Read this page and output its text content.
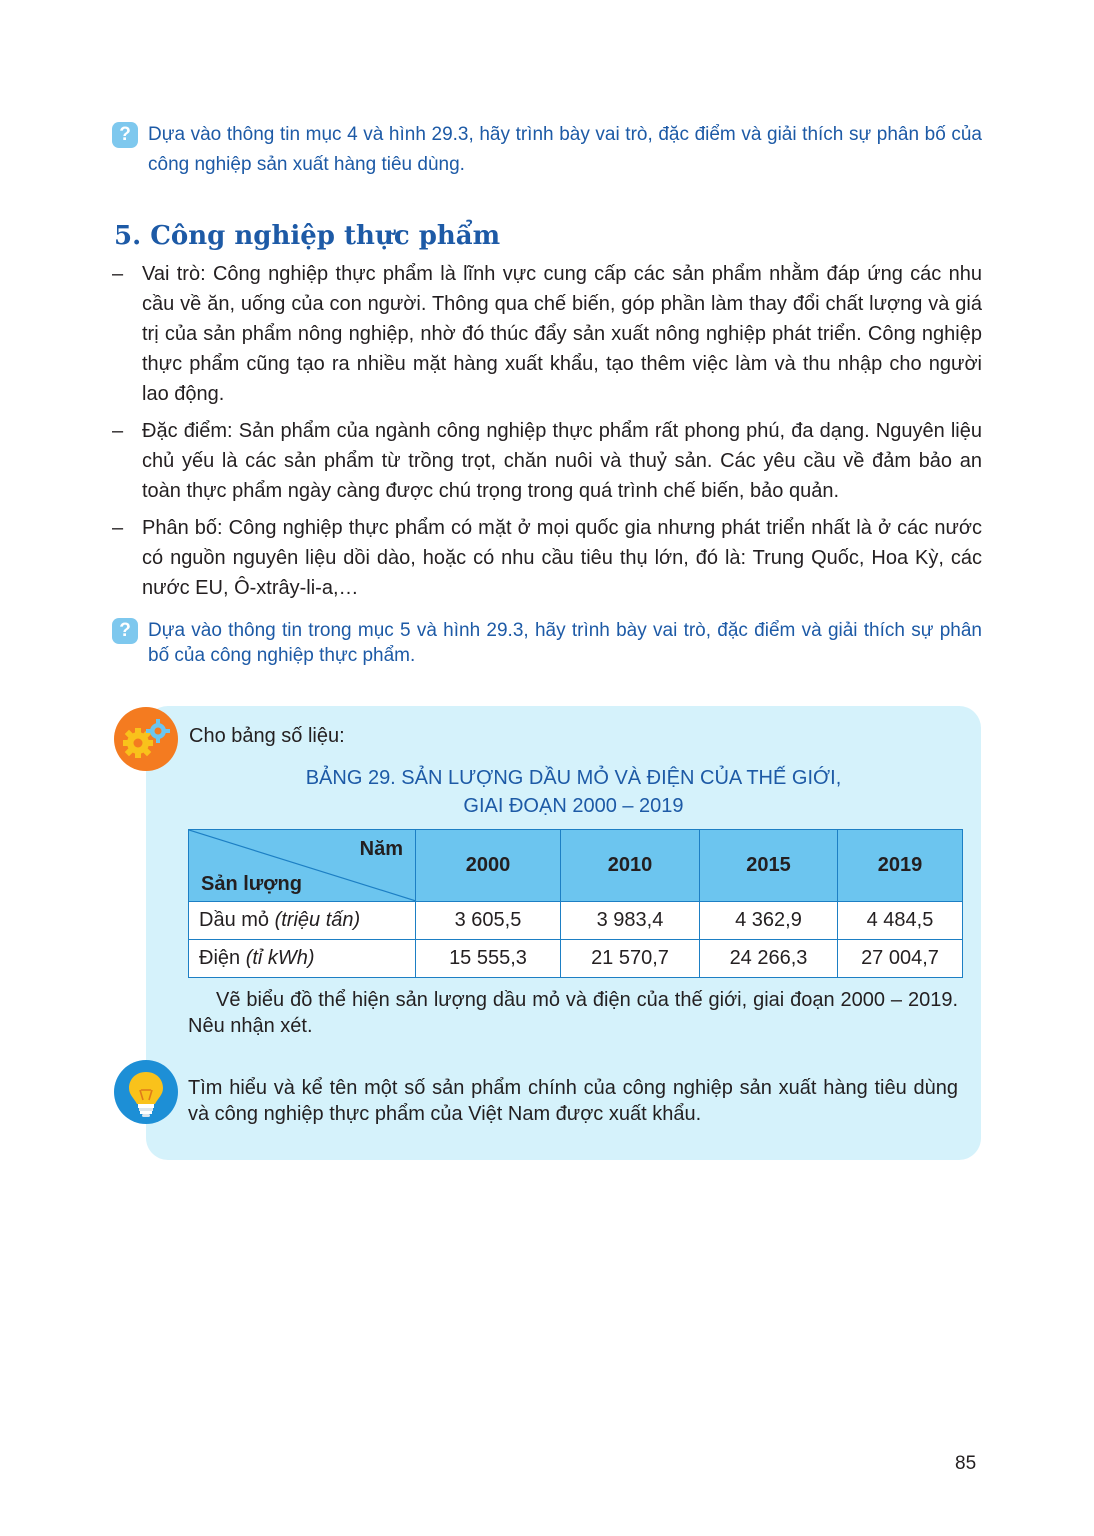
? Dựa vào thông tin mục 4 và hình 29.3, hãy trình bày vai trò, đặc điểm và giải thích sự phân bố của công nghiệp sản xuất hàng tiêu dùng.
5. Công nghiệp thực phẩm
– Vai trò: Công nghiệp thực phẩm là lĩnh vực cung cấp các sản phẩm nhằm đáp ứng các nhu cầu về ăn, uống của con người. Thông qua chế biến, góp phần làm thay đổi chất lượng và giá trị của sản phẩm nông nghiệp, nhờ đó thúc đẩy sản xuất nông nghiệp phát triển. Công nghiệp thực phẩm cũng tạo ra nhiều mặt hàng xuất khẩu, tạo thêm việc làm và thu nhập cho người lao động.
– Đặc điểm: Sản phẩm của ngành công nghiệp thực phẩm rất phong phú, đa dạng. Nguyên liệu chủ yếu là các sản phẩm từ trồng trọt, chăn nuôi và thuỷ sản. Các yêu cầu về đảm bảo an toàn thực phẩm ngày càng được chú trọng trong quá trình chế biến, bảo quản.
– Phân bố: Công nghiệp thực phẩm có mặt ở mọi quốc gia nhưng phát triển nhất là ở các nước có nguồn nguyên liệu dồi dào, hoặc có nhu cầu tiêu thụ lớn, đó là: Trung Quốc, Hoa Kỳ, các nước EU, Ô-xtrây-li-a,…
? Dựa vào thông tin trong mục 5 và hình 29.3, hãy trình bày vai trò, đặc điểm và giải thích sự phân bố của công nghiệp thực phẩm.
Cho bảng số liệu:
BẢNG 29. SẢN LƯỢNG DẦU MỎ VÀ ĐIỆN CỦA THẾ GIỚI,
GIAI ĐOẠN 2000 – 2019
Năm
Sản lượng	2000	2010	2015	2019
Dầu mỏ (triệu tấn)	3 605,5	3 983,4	4 362,9	4 484,5
Điện (tỉ kWh)	15 555,3	21 570,7	24 266,3	27 004,7
Vẽ biểu đồ thể hiện sản lượng dầu mỏ và điện của thế giới, giai đoạn 2000 – 2019. Nêu nhận xét.
Tìm hiểu và kể tên một số sản phẩm chính của công nghiệp sản xuất hàng tiêu dùng và công nghiệp thực phẩm của Việt Nam được xuất khẩu.
85
